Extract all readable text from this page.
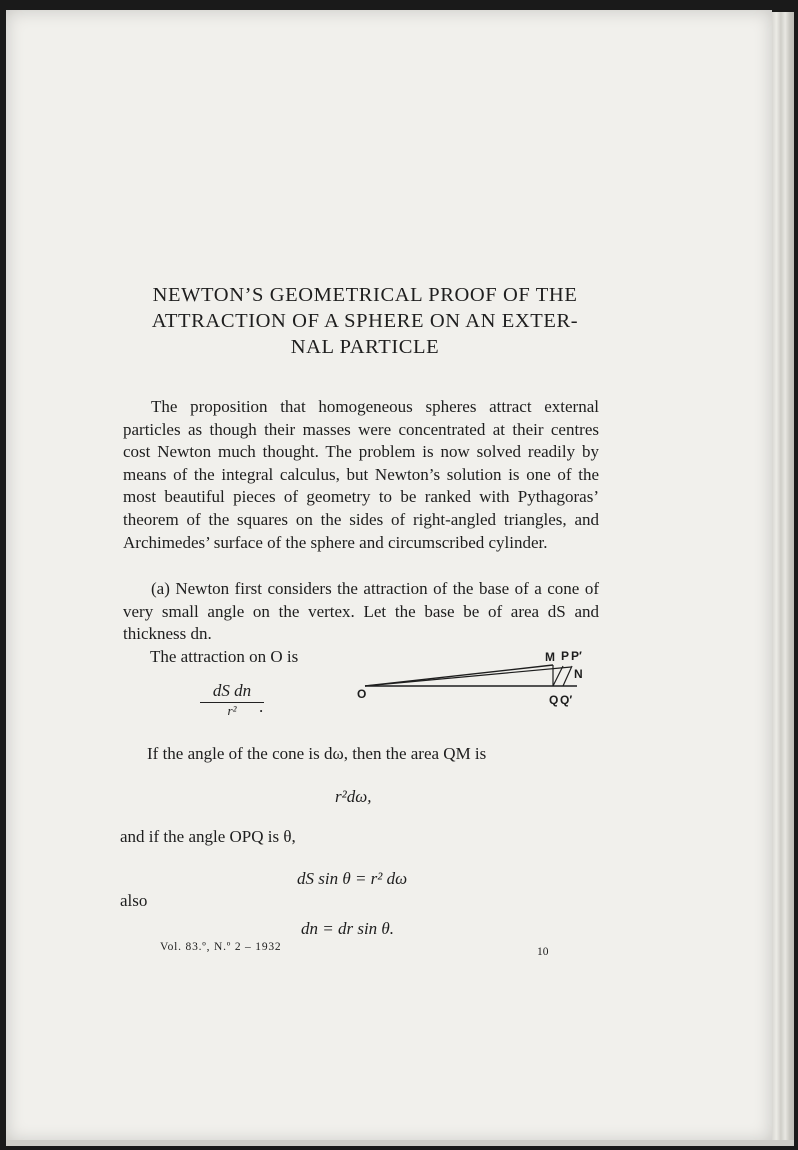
NEWTON’S GEOMETRICAL PROOF OF THE
ATTRACTION OF A SPHERE ON AN EXTER-
NAL PARTICLE
The proposition that homogeneous spheres attract external particles as though their masses were concentrated at their centres cost Newton much thought. The problem is now solved readily by means of the integral calculus, but Newton’s solution is one of the most beautiful pieces of geometry to be ranked with Pythagoras’ theorem of the squares on the sides of right-angled triangles, and Archimedes’ surface of the sphere and circumscribed cylinder.
(a) Newton first considers the attraction of the base of a cone of very small angle on the vertex. Let the base be of area dS and thickness dn.
The attraction on O is
dS dn
r²	.
O
M P P′
N
Q Q′
If the angle of the cone is dω, then the area QM is
r²dω,
and if the angle OPQ is θ,
dS sin θ = r² dω
also
dn = dr sin θ.
Vol. 83.º, N.º 2 – 1932	10
